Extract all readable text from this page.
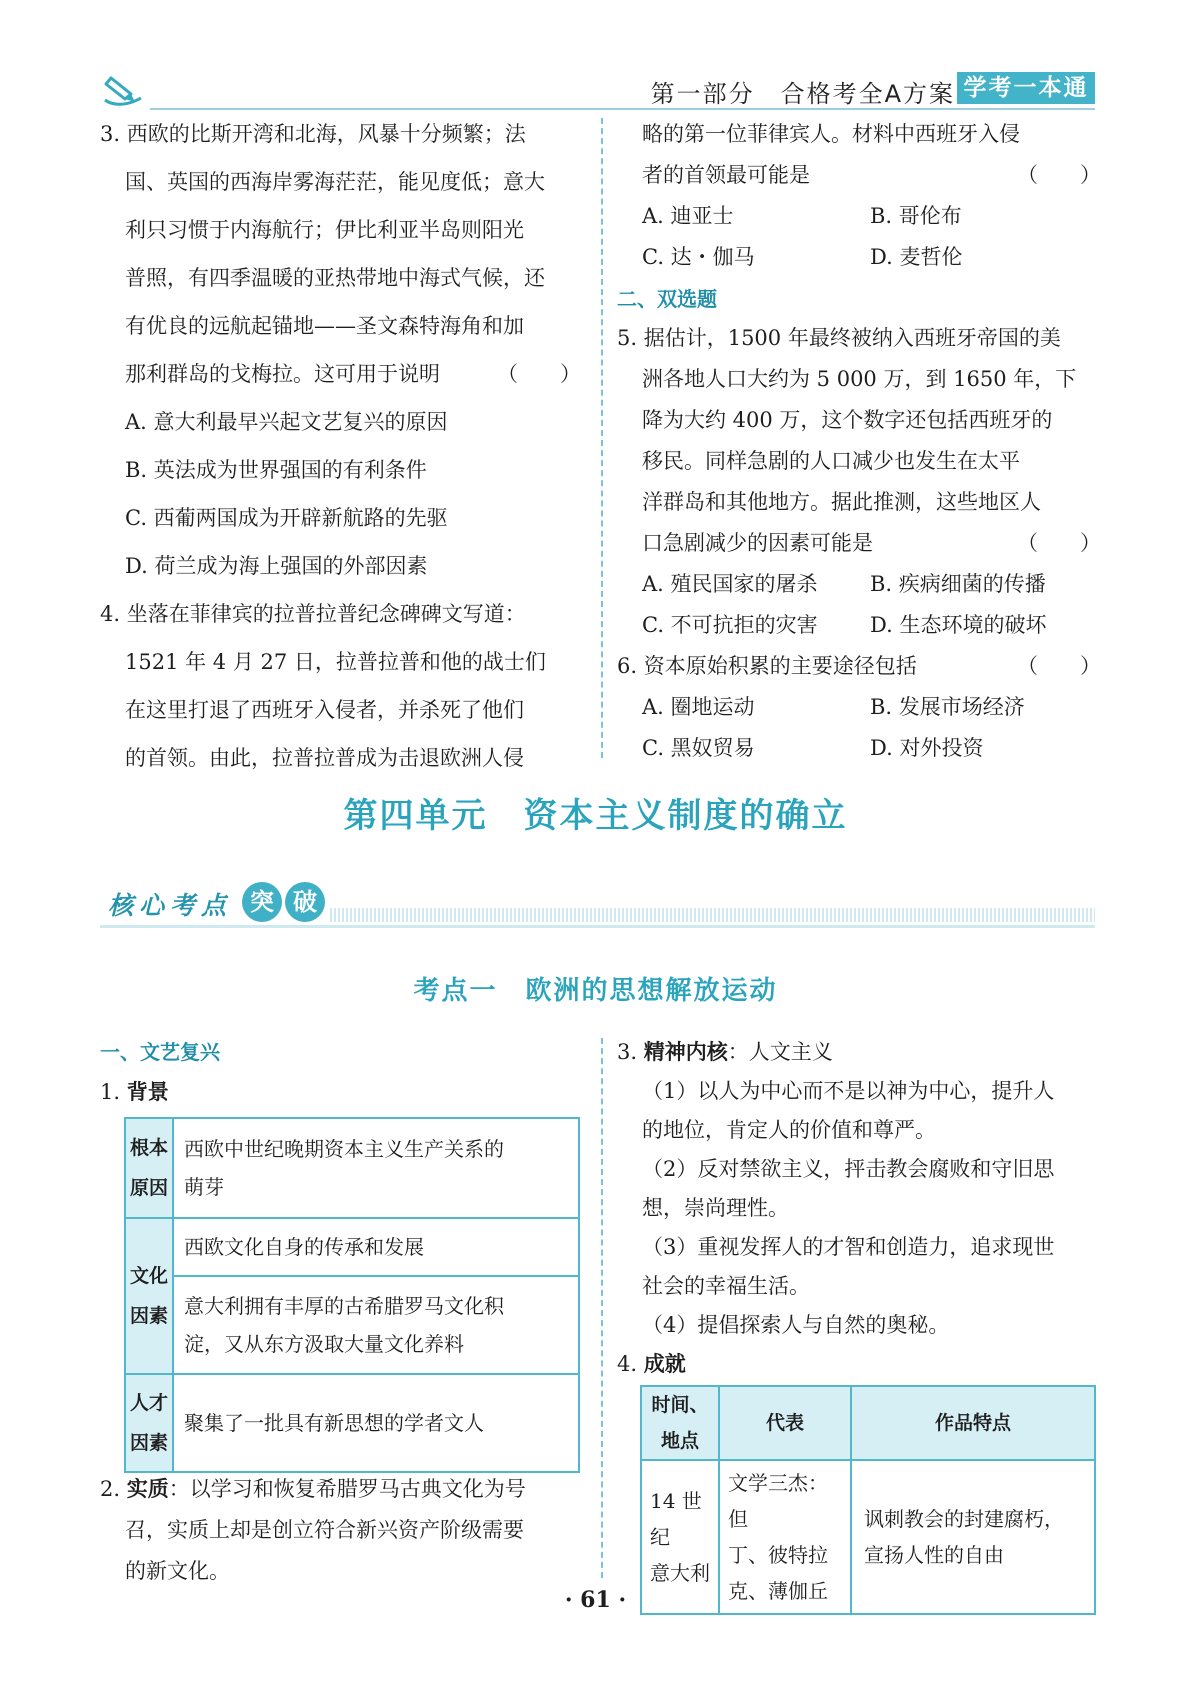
第一部分　合格考全A方案 学考一本通
3. 西欧的比斯开湾和北海，风暴十分频繁；法
国、英国的西海岸雾海茫茫，能见度低；意大
利只习惯于内海航行；伊比利亚半岛则阳光
普照，有四季温暖的亚热带地中海式气候，还
有优良的远航起锚地——圣文森特海角和加
那利群岛的戈梅拉。这可用于说明	（　　）
A. 意大利最早兴起文艺复兴的原因
B. 英法成为世界强国的有利条件
C. 西葡两国成为开辟新航路的先驱
D. 荷兰成为海上强国的外部因素
4. 坐落在菲律宾的拉普拉普纪念碑碑文写道：
1521 年 4 月 27 日，拉普拉普和他的战士们
在这里打退了西班牙入侵者，并杀死了他们
的首领。由此，拉普拉普成为击退欧洲人侵
略的第一位菲律宾人。材料中西班牙入侵
者的首领最可能是	（　　）
A. 迪亚士	B. 哥伦布
C. 达・伽马	D. 麦哲伦
二、双选题
5. 据估计，1500 年最终被纳入西班牙帝国的美
洲各地人口大约为 5 000 万，到 1650 年，下
降为大约 400 万，这个数字还包括西班牙的
移民。同样急剧的人口减少也发生在太平
洋群岛和其他地方。据此推测，这些地区人
口急剧减少的因素可能是	（　　）
A. 殖民国家的屠杀 B. 疾病细菌的传播
C. 不可抗拒的灾害 D. 生态环境的破坏
6. 资本原始积累的主要途径包括	（　　）
A. 圈地运动	B. 发展市场经济
C. 黑奴贸易	D. 对外投资
第四单元　资本主义制度的确立
核心考点 突 破
考点一　欧洲的思想解放运动
一、文艺复兴
1. 背景
2. 实质：以学习和恢复希腊罗马古典文化为号
召，实质上却是创立符合新兴资产阶级需要
的新文化。
根本
原因	西欧中世纪晚期资本主义生产关系的
萌芽
文化
因素	西欧文化自身的传承和发展
	意大利拥有丰厚的古希腊罗马文化积
淀，又从东方汲取大量文化养料
人才
因素	聚集了一批具有新思想的学者文人
3. 精神内核：人文主义
（1）以人为中心而不是以神为中心，提升人
的地位，肯定人的价值和尊严。
（2）反对禁欲主义，抨击教会腐败和守旧思
想，崇尚理性。
（3）重视发挥人的才智和创造力，追求现世
社会的幸福生活。
（4）提倡探索人与自然的奥秘。
4. 成就
时间、
地点	代表	作品特点
14 世纪
意大利	文学三杰：但
丁、彼特拉
克、薄伽丘	讽刺教会的封建腐朽，
宣扬人性的自由
· 61 ·
